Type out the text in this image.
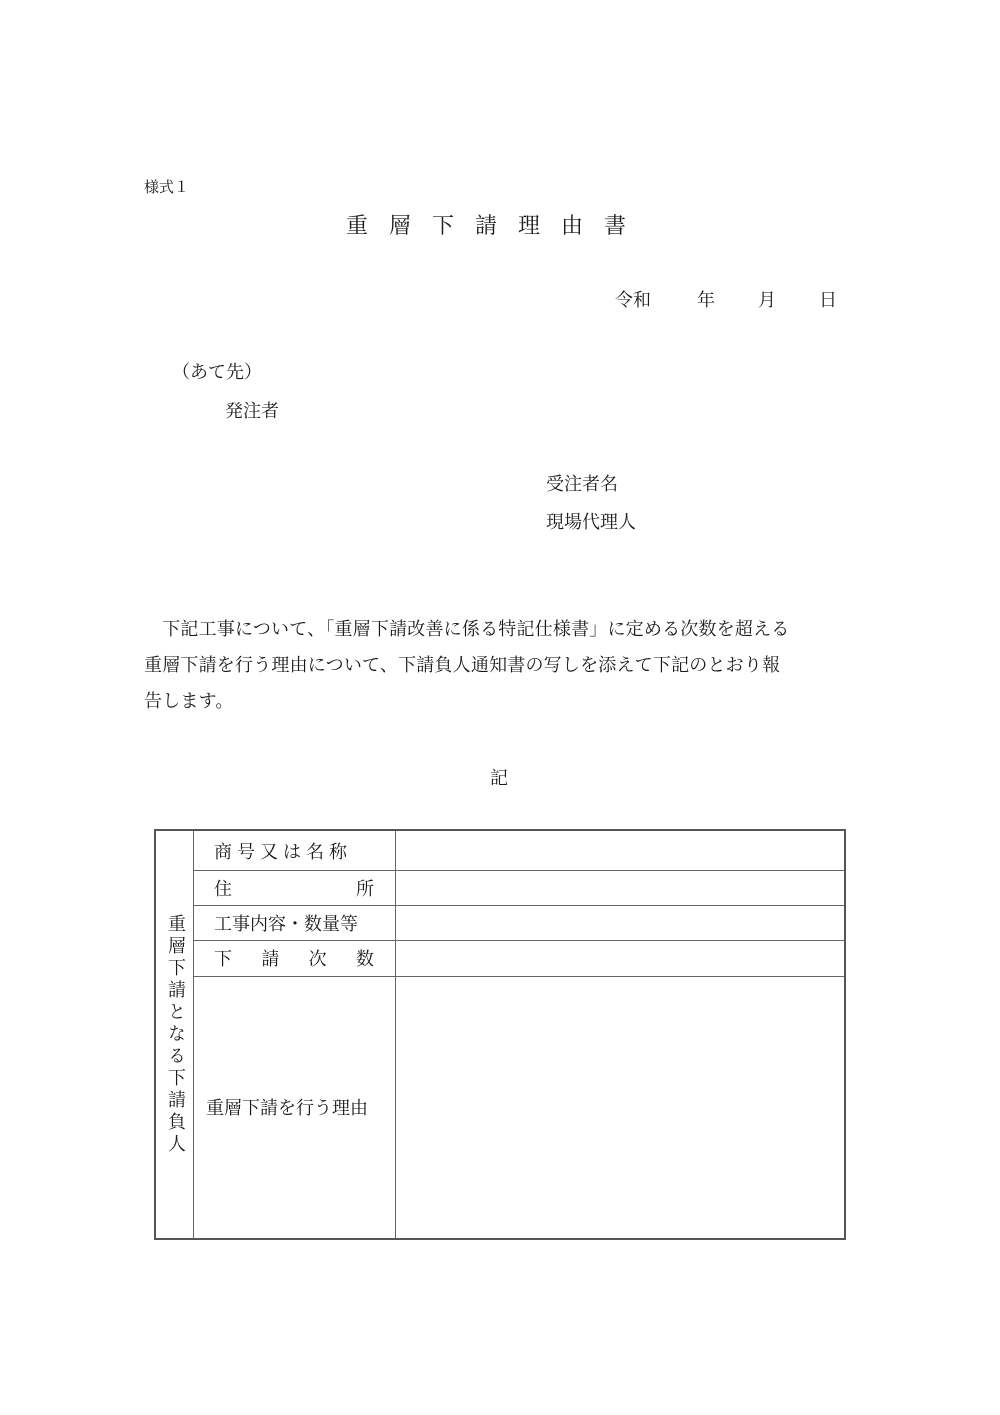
様式１
重層下請理由書
令和	年 月 日
（あて先）
発注者
受注者名
現場代理人
　下記工事について、「重層下請改善に係る特記仕様書」に定める次数を超える
重層下請を行う理由について、下請負人通知書の写しを添えて下記のとおり報
告します。
記
重層下請となる下請負人
商号又は名称
住	所
工事内容・数量等
下 請 次 数
重層下請を行う理由
